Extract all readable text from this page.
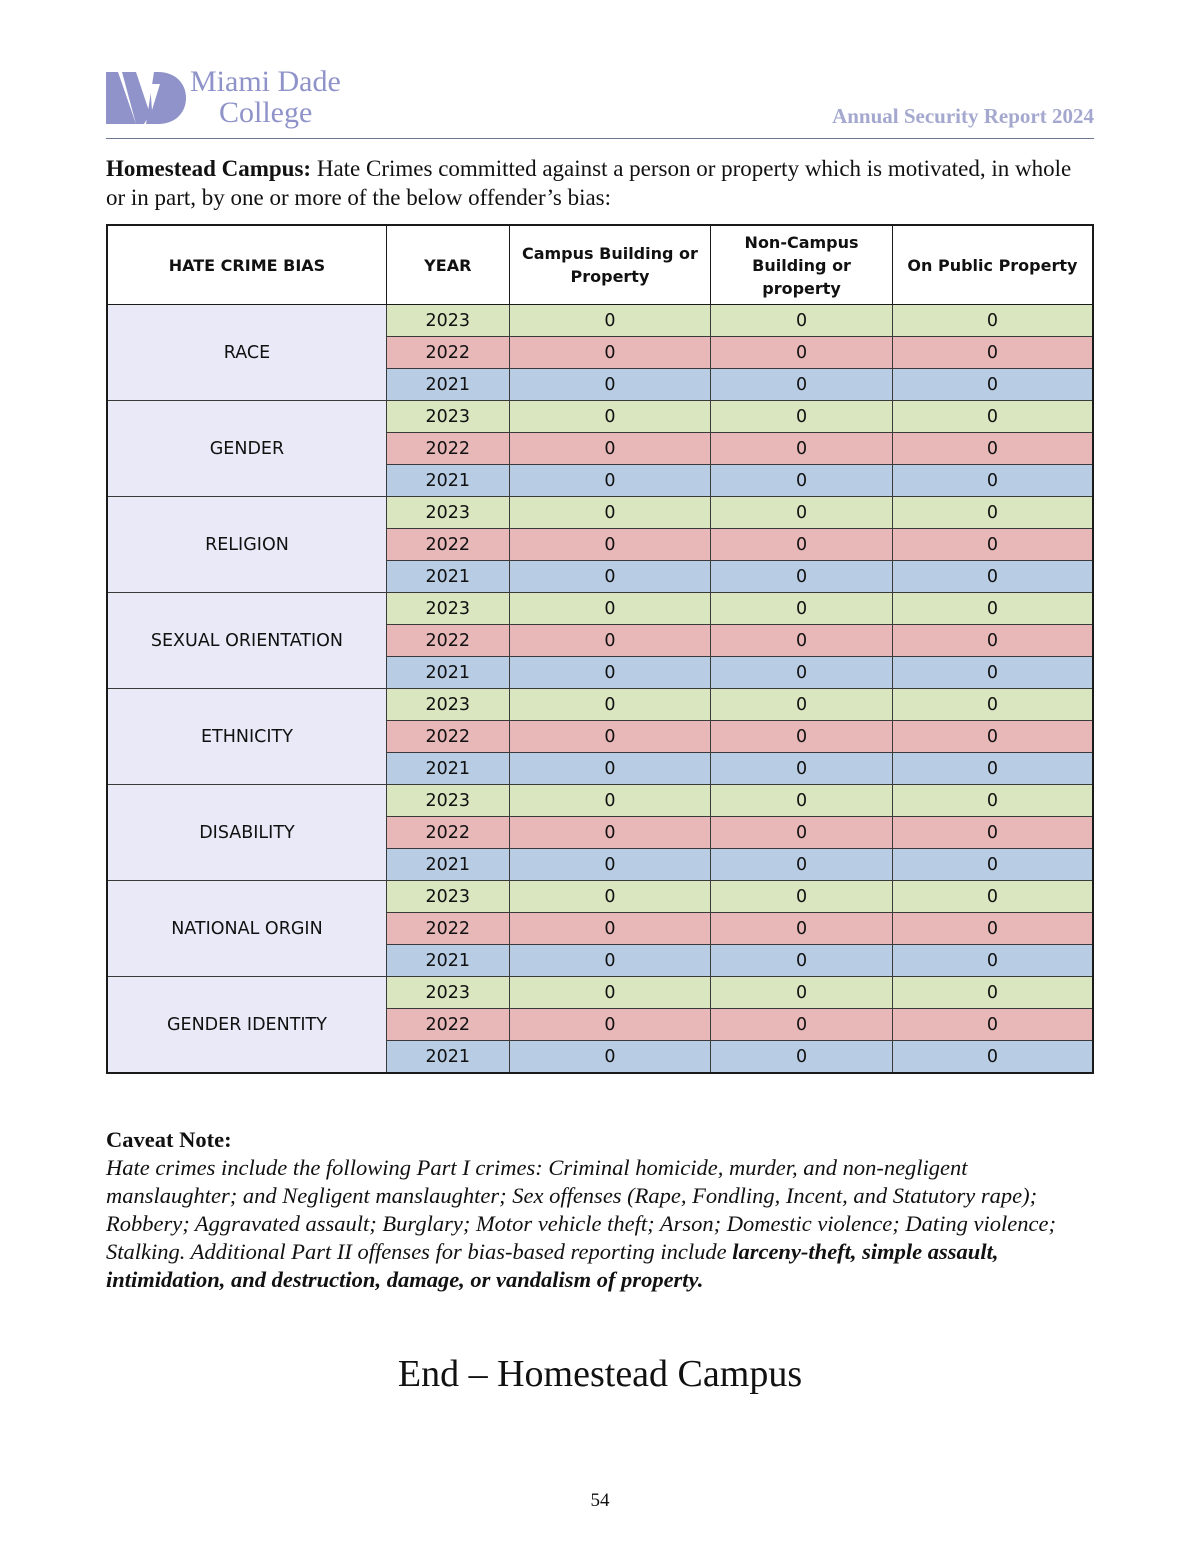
Miami Dade
College	Annual Security Report 2024
Homestead Campus: Hate Crimes committed against a person or property which is motivated, in whole or in part, by one or more of the below offender’s bias:
HATE CRIME BIAS	YEAR	Campus Building or Property	Non-Campus Building or property	On Public Property
RACE	2023	0	0	0
	2022	0	0	0
	2021	0	0	0
GENDER	2023	0	0	0
	2022	0	0	0
	2021	0	0	0
RELIGION	2023	0	0	0
	2022	0	0	0
	2021	0	0	0
SEXUAL ORIENTATION	2023	0	0	0
	2022	0	0	0
	2021	0	0	0
ETHNICITY	2023	0	0	0
	2022	0	0	0
	2021	0	0	0
DISABILITY	2023	0	0	0
	2022	0	0	0
	2021	0	0	0
NATIONAL ORGIN	2023	0	0	0
	2022	0	0	0
	2021	0	0	0
GENDER IDENTITY	2023	0	0	0
	2022	0	0	0
	2021	0	0	0
Caveat Note:
Hate crimes include the following Part I crimes: Criminal homicide, murder, and non-negligent manslaughter; and Negligent manslaughter; Sex offenses (Rape, Fondling, Incent, and Statutory rape); Robbery; Aggravated assault; Burglary; Motor vehicle theft; Arson; Domestic violence; Dating violence; Stalking. Additional Part II offenses for bias-based reporting include larceny-theft, simple assault, intimidation, and destruction, damage, or vandalism of property.
End – Homestead Campus
54
